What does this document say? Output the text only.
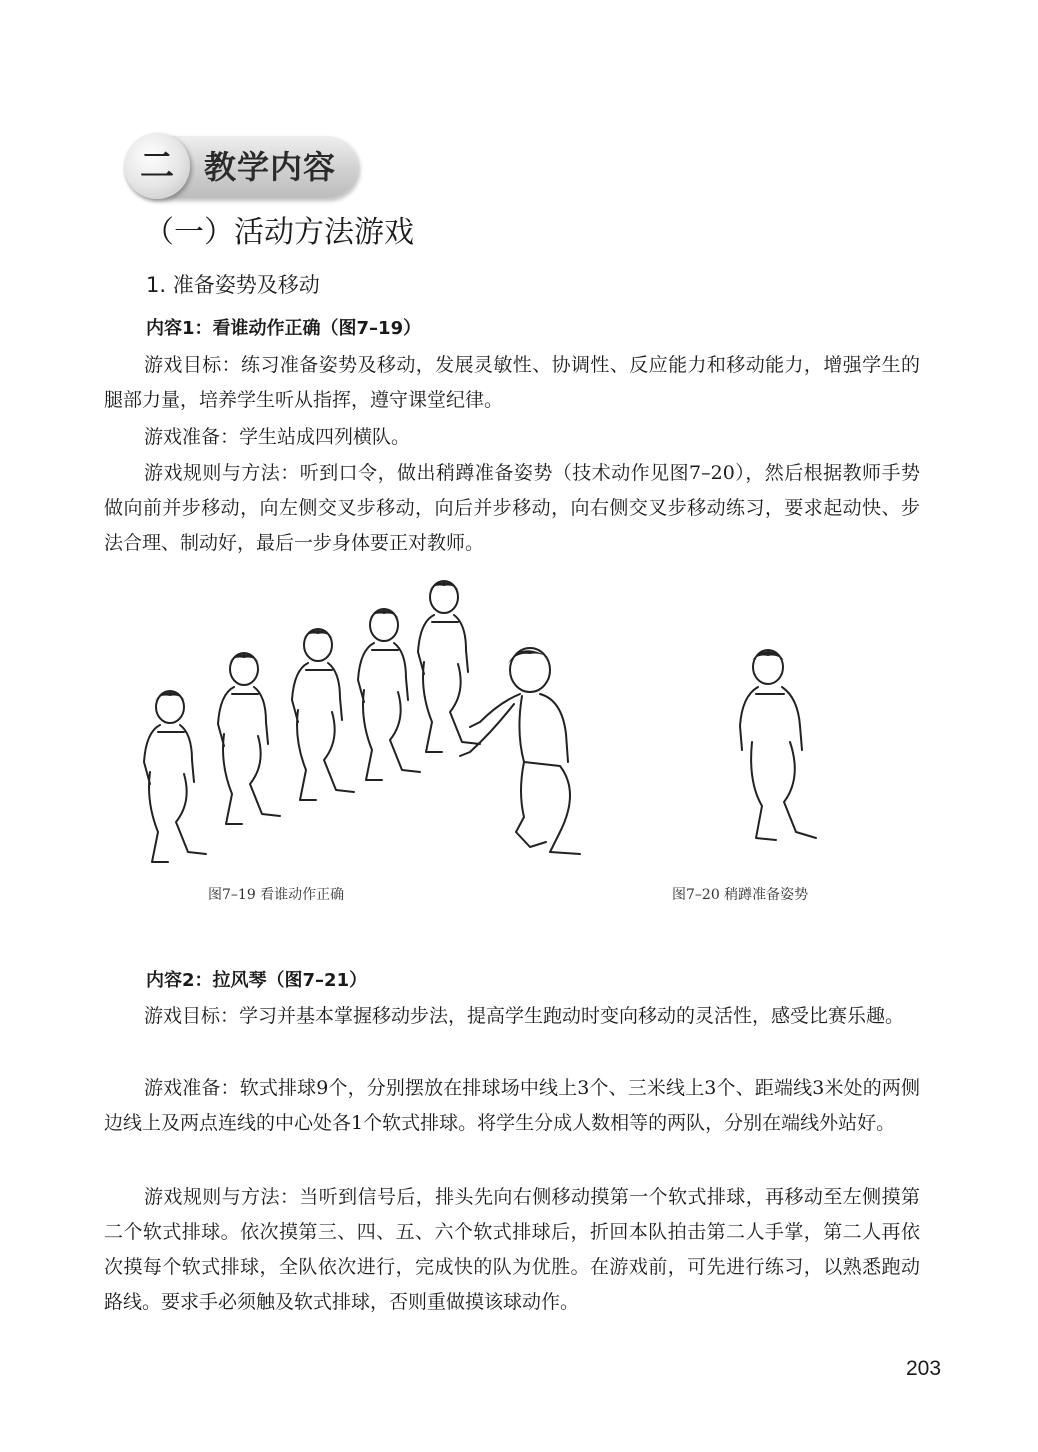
二 教学内容
（一）活动方法游戏
1. 准备姿势及移动
内容1：看谁动作正确（图7–19）

游戏目标：练习准备姿势及移动，发展灵敏性、协调性、反应能力和移动能力，增强学生的腿部力量，培养学生听从指挥，遵守课堂纪律。

游戏准备：学生站成四列横队。

游戏规则与方法：听到口令，做出稍蹲准备姿势（技术动作见图7–20），然后根据教师手势做向前并步移动，向左侧交叉步移动，向后并步移动，向右侧交叉步移动练习，要求起动快、步法合理、制动好，最后一步身体要正对教师。

图7–19 看谁动作正确	图7–20 稍蹲准备姿势
内容2：拉风琴（图7–21）

游戏目标：学习并基本掌握移动步法，提高学生跑动时变向移动的灵活性，感受比赛乐趣。

游戏准备：软式排球9个，分别摆放在排球场中线上3个、三米线上3个、距端线3米处的两侧边线上及两点连线的中心处各1个软式排球。将学生分成人数相等的两队，分别在端线外站好。

游戏规则与方法：当听到信号后，排头先向右侧移动摸第一个软式排球，再移动至左侧摸第二个软式排球。依次摸第三、四、五、六个软式排球后，折回本队拍击第二人手掌，第二人再依次摸每个软式排球，全队依次进行，完成快的队为优胜。在游戏前，可先进行练习，以熟悉跑动路线。要求手必须触及软式排球，否则重做摸该球动作。

203
